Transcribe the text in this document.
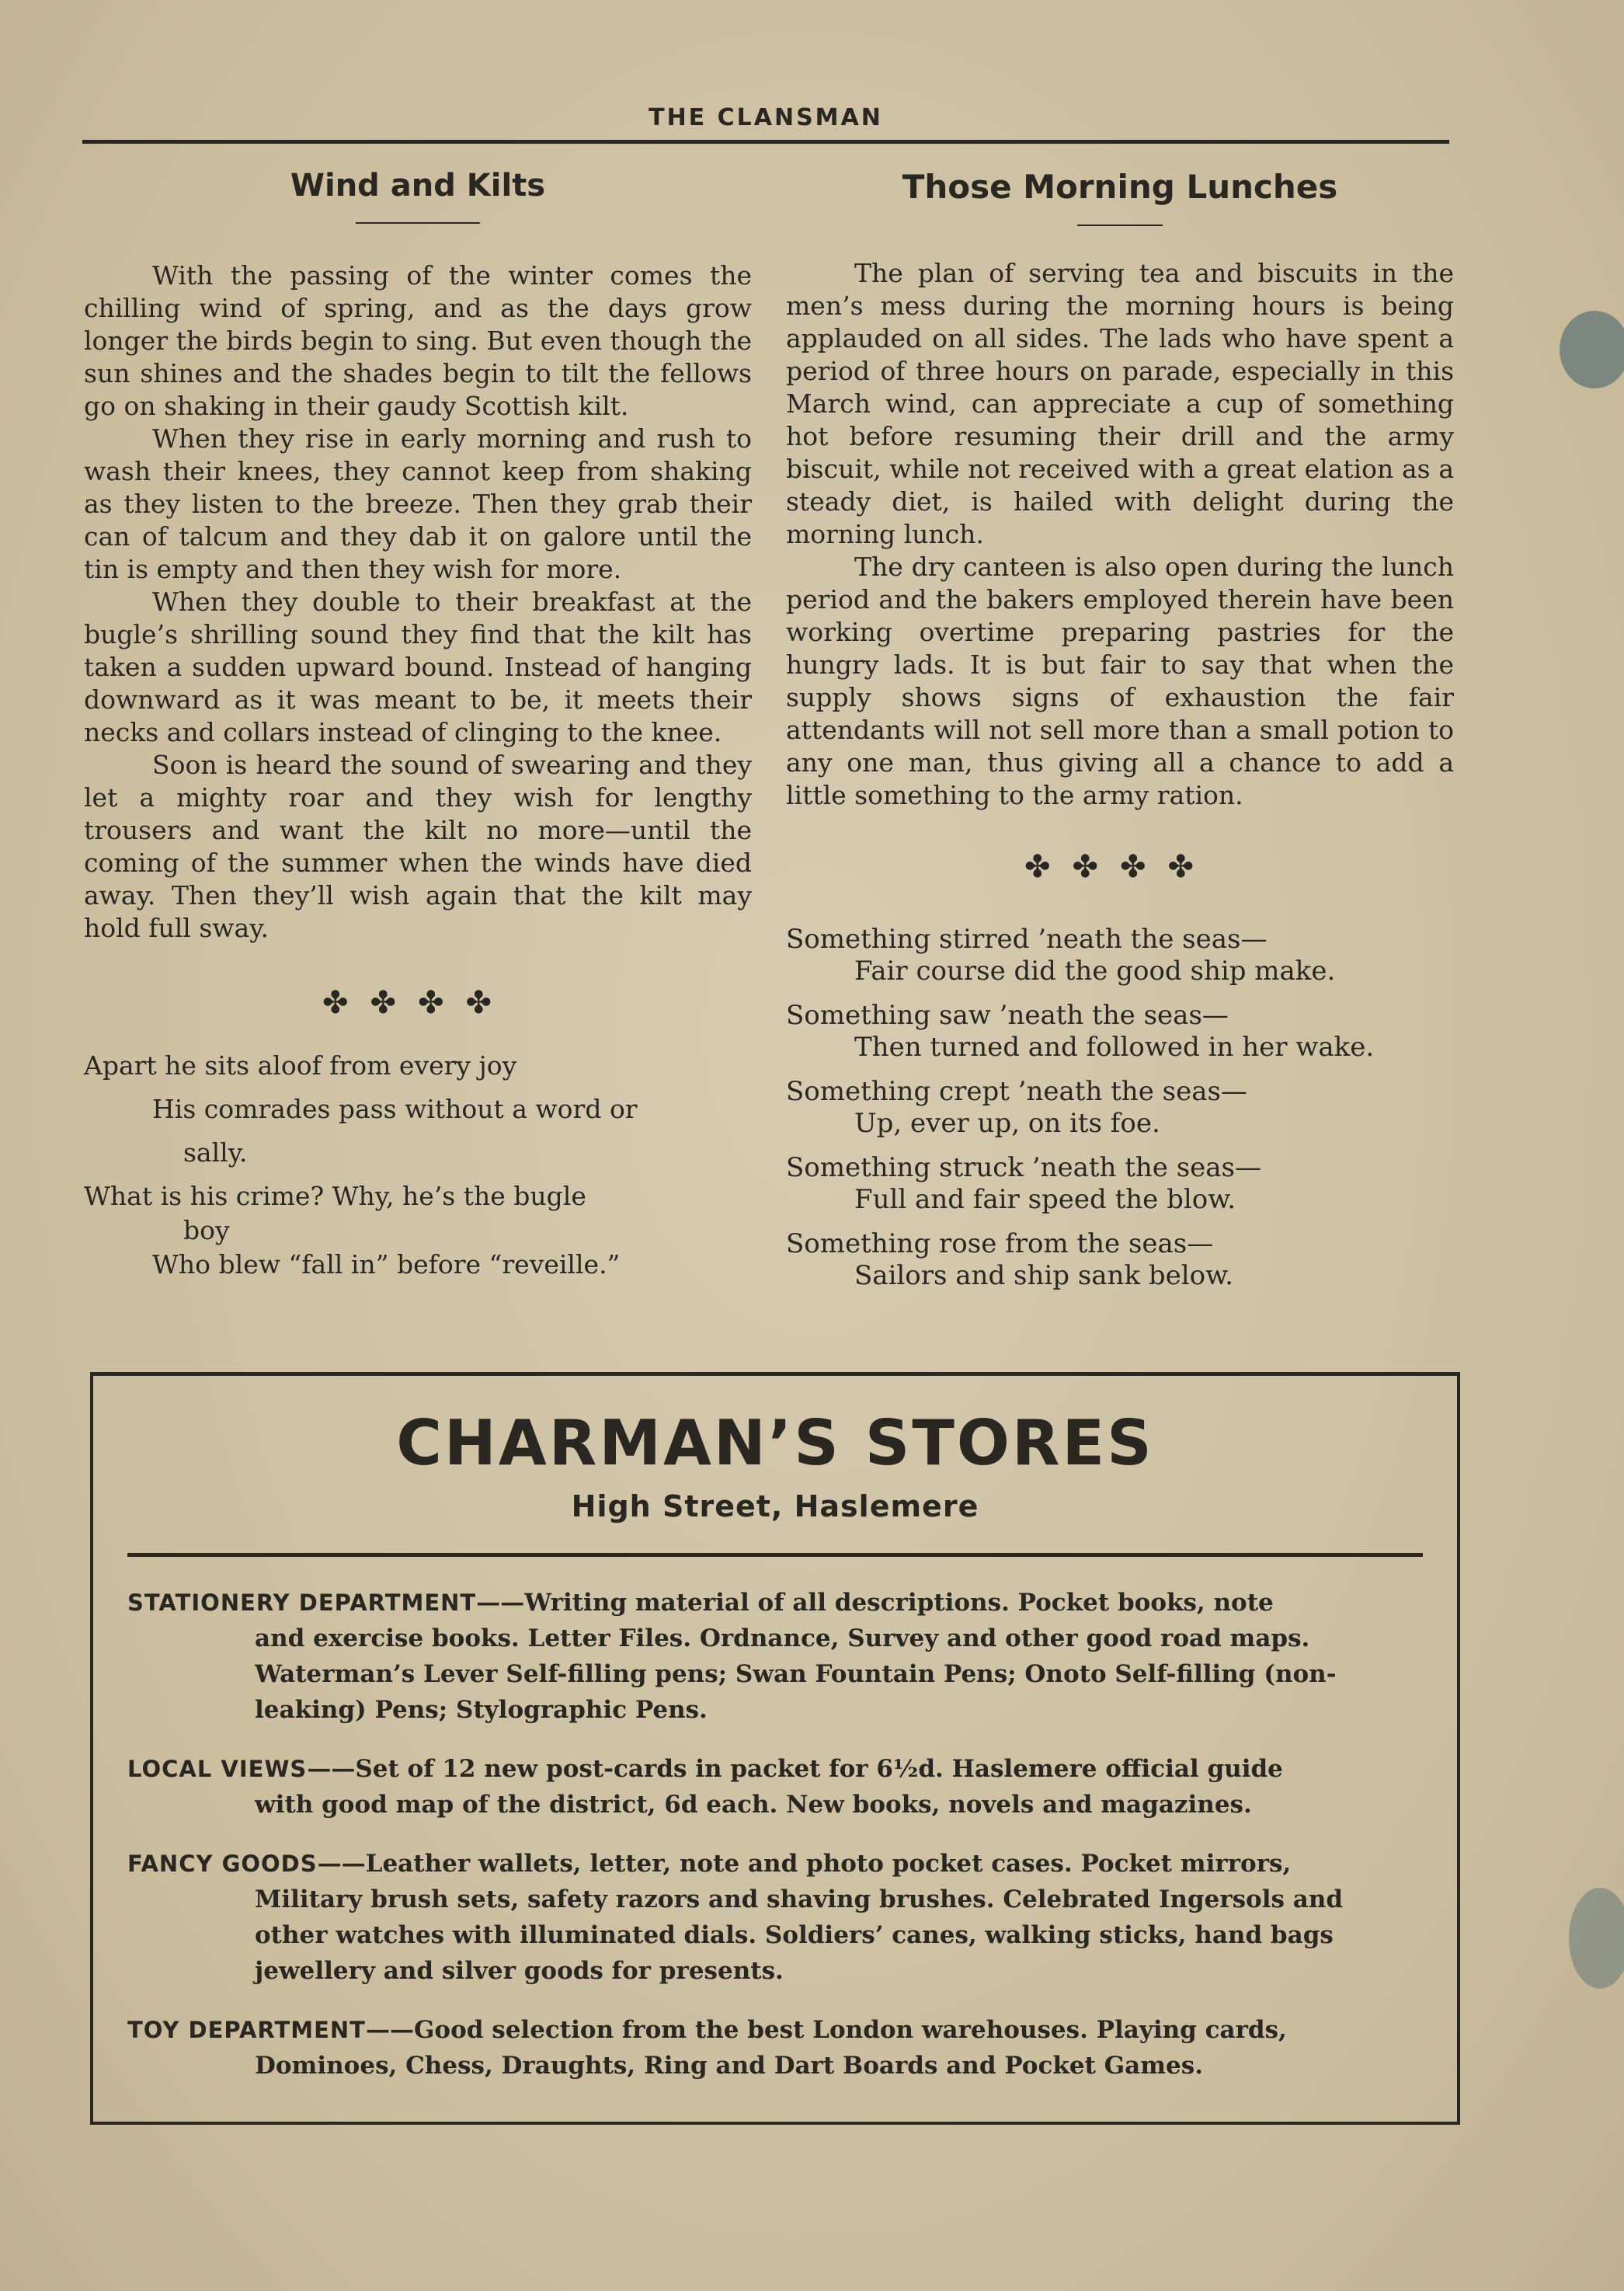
THE CLANSMAN
Wind and Kilts

With the passing of the winter comes the chilling wind of spring, and as the days grow longer the birds begin to sing. But even though the sun shines and the shades begin to tilt the fellows go on shaking in their gaudy Scottish kilt.

When they rise in early morning and rush to wash their knees, they cannot keep from shaking as they listen to the breeze. Then they grab their can of talcum and they dab it on galore until the tin is empty and then they wish for more.

When they double to their breakfast at the bugle’s shrilling sound they find that the kilt has taken a sudden upward bound. Instead of hanging downward as it was meant to be, it meets their necks and collars instead of clinging to the knee.

Soon is heard the sound of swearing and they let a mighty roar and they wish for lengthy trousers and want the kilt no more—until the coming of the summer when the winds have died away. Then they’ll wish again that the kilt may hold full sway.

✤✤✤✤

Apart he sits aloof from every joy

His comrades pass without a word or

sally.

What is his crime? Why, he’s the bugle

boy

Who blew “fall in” before “reveille.”

Those Morning Lunches

The plan of serving tea and biscuits in the men’s mess during the morning hours is being applauded on all sides. The lads who have spent a period of three hours on parade, especially in this March wind, can appreciate a cup of something hot before resuming their drill and the army biscuit, while not received with a great elation as a steady diet, is hailed with delight during the morning lunch.

The dry canteen is also open during the lunch period and the bakers employed therein have been working overtime preparing pastries for the hungry lads. It is but fair to say that when the supply shows signs of exhaustion the fair attendants will not sell more than a small potion to any one man, thus giving all a chance to add a little something to the army ration.

✤✤✤✤

Something stirred ’neath the seas—

Fair course did the good ship make.

Something saw ’neath the seas—

Then turned and followed in her wake.

Something crept ’neath the seas—

Up, ever up, on its foe.

Something struck ’neath the seas—

Full and fair speed the blow.

Something rose from the seas—

Sailors and ship sank below.

CHARMAN’S STORES
High Street, Haslemere
STATIONERY DEPARTMENT——Writing material of all descriptions. Pocket books, note
and exercise books. Letter Files. Ordnance, Survey and other good road maps. Waterman’s Lever Self-filling pens; Swan Fountain Pens; Onoto Self-filling (non-leaking) Pens; Stylographic Pens.
LOCAL VIEWS——Set of 12 new post-cards in packet for 6½d. Haslemere official guide
with good map of the district, 6d each. New books, novels and magazines.
FANCY GOODS——Leather wallets, letter, note and photo pocket cases. Pocket mirrors,
Military brush sets, safety razors and shaving brushes. Celebrated Ingersols and other watches with illuminated dials. Soldiers’ canes, walking sticks, hand bags jewellery and silver goods for presents.
TOY DEPARTMENT——Good selection from the best London warehouses. Playing cards,
Dominoes, Chess, Draughts, Ring and Dart Boards and Pocket Games.
